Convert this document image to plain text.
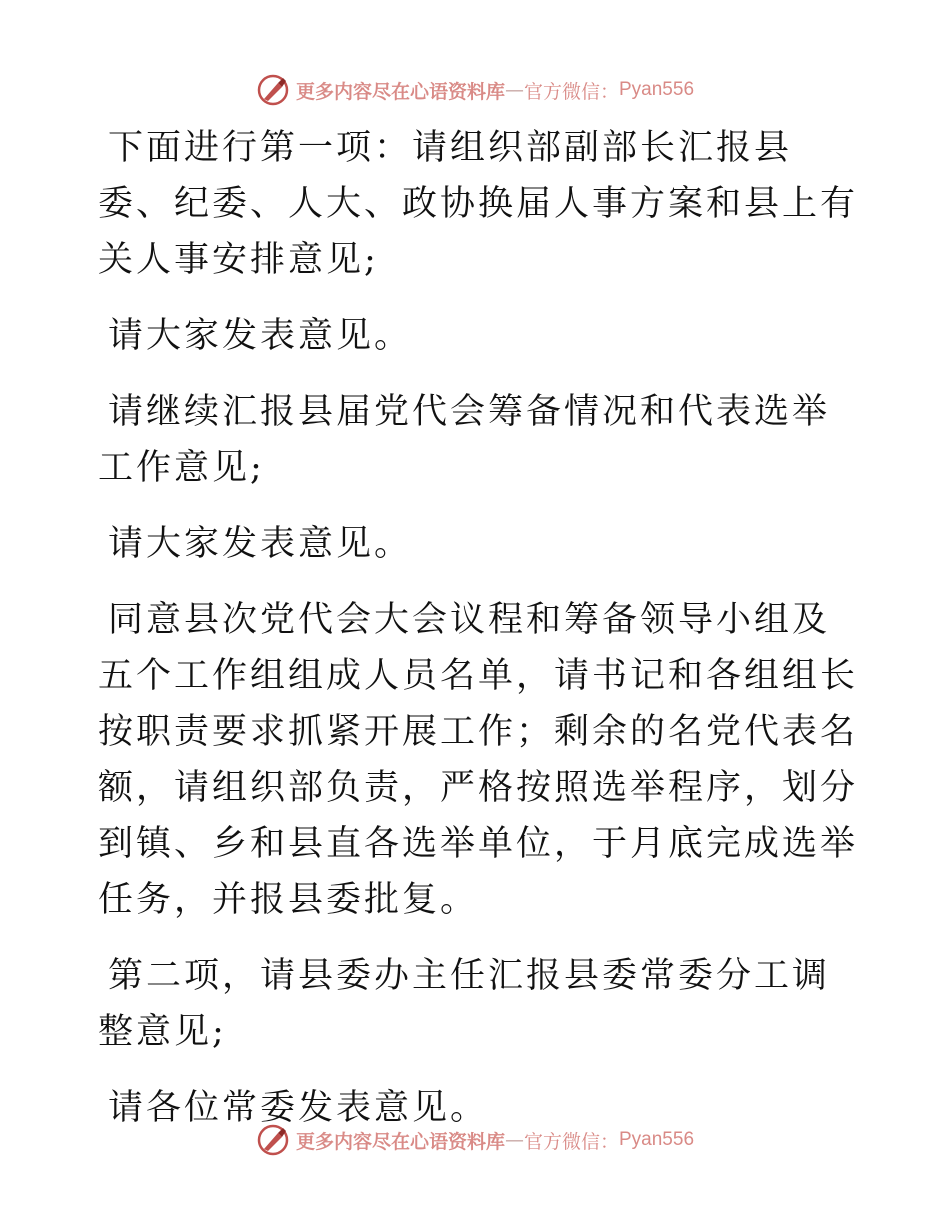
更多内容尽在心语资料库 — 官方微信： Pyan556

下面进行第一项：请组织部副部长汇报县委、纪委、人大、政协换届人事方案和县上有关人事安排意见;

请大家发表意见。

请继续汇报县届党代会筹备情况和代表选举工作意见;

请大家发表意见。

同意县次党代会大会议程和筹备领导小组及五个工作组组成人员名单，请书记和各组组长按职责要求抓紧开展工作；剩余的名党代表名额，请组织部负责，严格按照选举程序，划分到镇、乡和县直各选举单位，于月底完成选举任务，并报县委批复。

第二项，请县委办主任汇报县委常委分工调整意见;

请各位常委发表意见。

更多内容尽在心语资料库 — 官方微信： Pyan556
